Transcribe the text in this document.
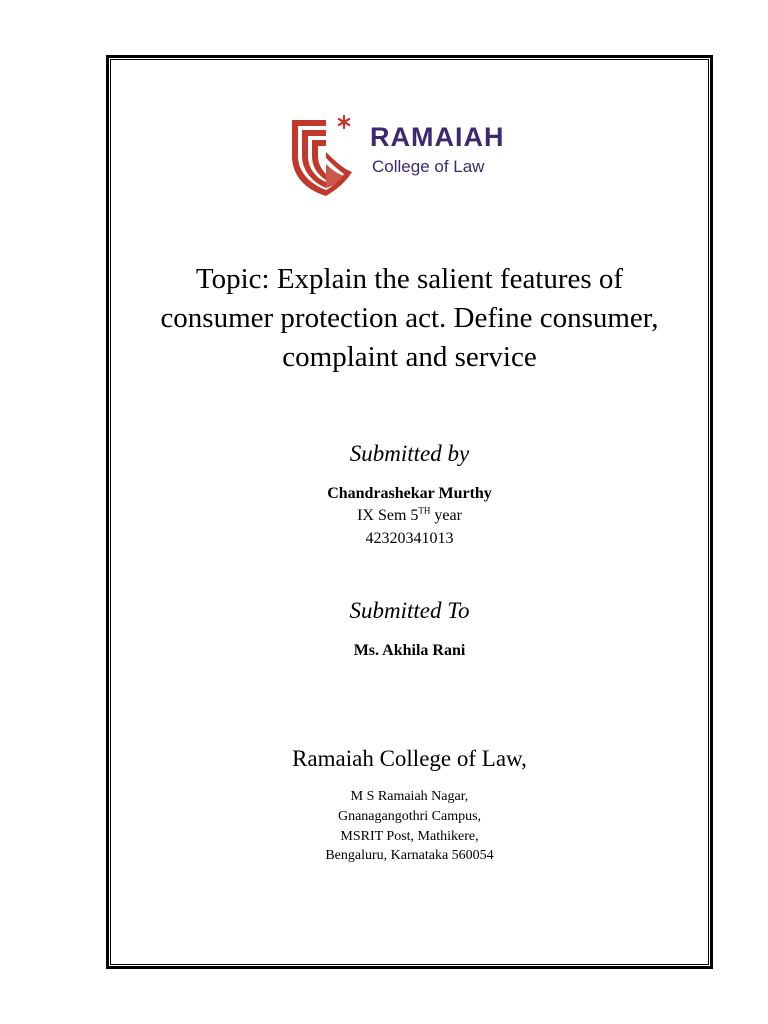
RAMAIAH
College of Law
Topic: Explain the salient features of
consumer protection act. Define consumer,
complaint and service
Submitted by
Chandrashekar Murthy
IX Sem 5TH year
42320341013
Submitted To
Ms. Akhila Rani
Ramaiah College of Law,
M S Ramaiah Nagar,
Gnanagangothri Campus,
MSRIT Post, Mathikere,
Bengaluru, Karnataka 560054
